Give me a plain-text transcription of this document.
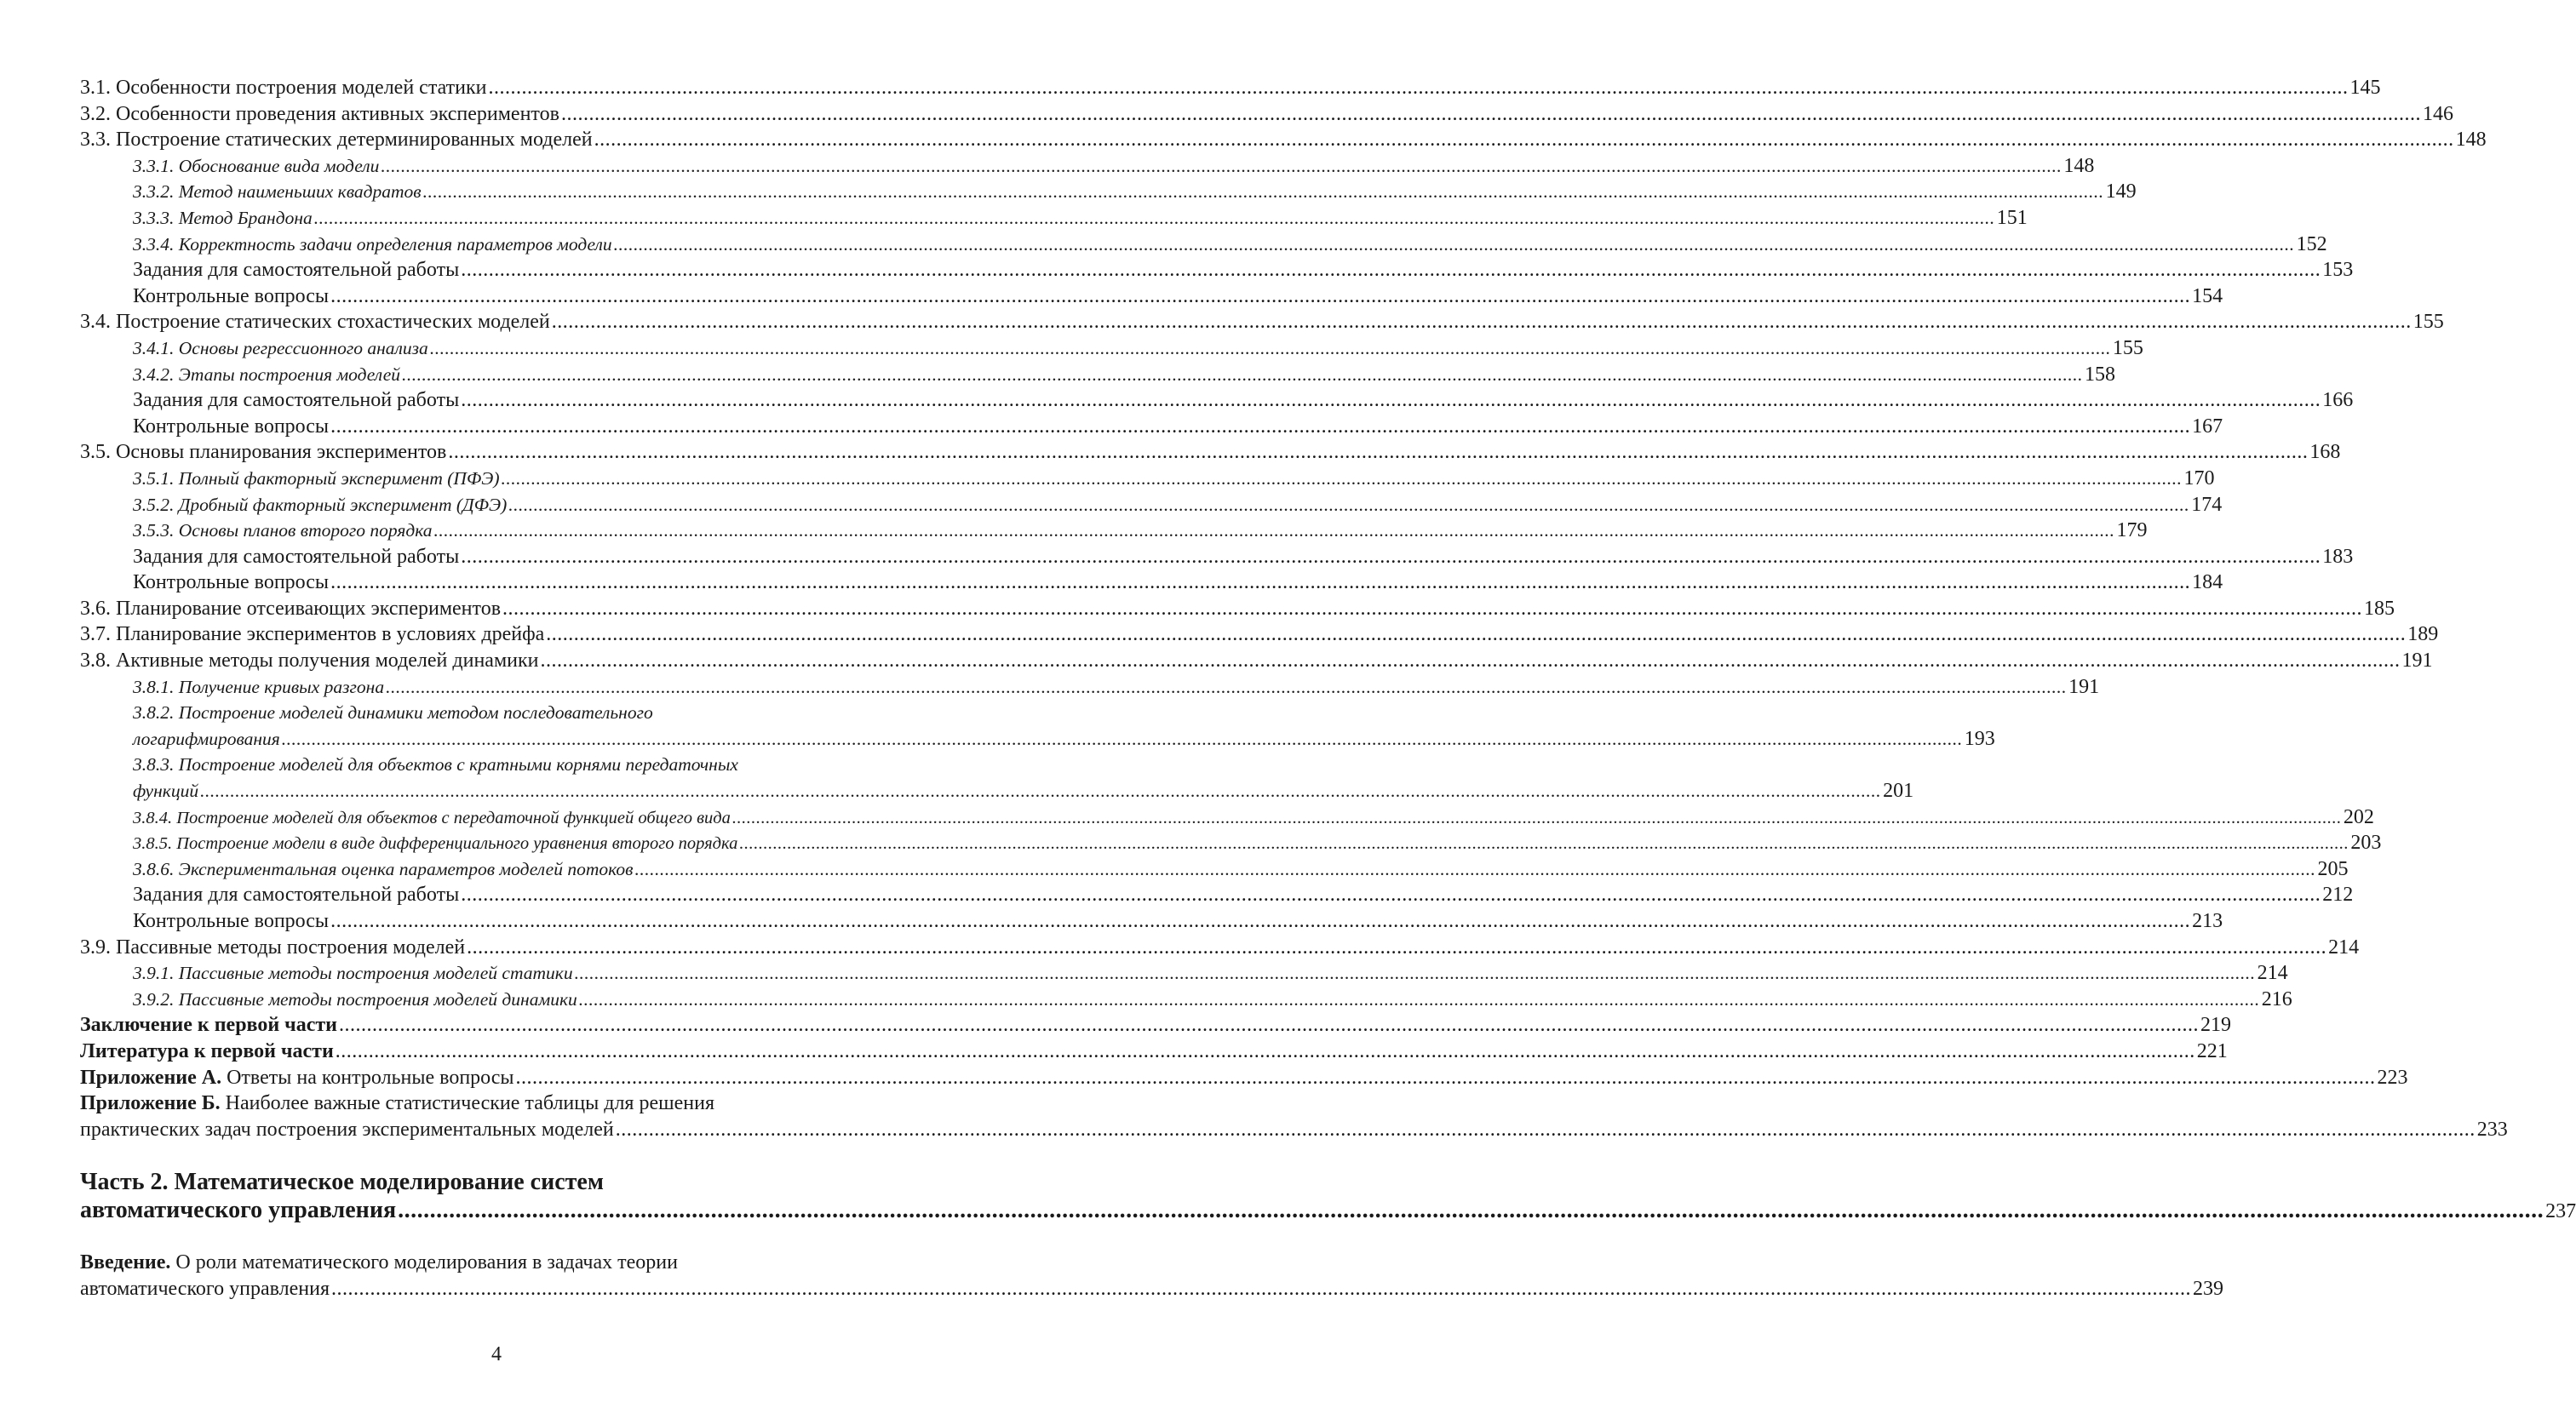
3.1. Особенности построения моделей статики .....	145
3.2. Особенности проведения активных экспериментов .....	146
3.3. Построение статических детерминированных моделей .....	148
3.3.1. Обоснование вида модели .....	148
3.3.2. Метод наименьших квадратов .....	149
3.3.3. Метод Брандона .....	151
3.3.4. Корректность задачи определения параметров модели .....	152
Задания для самостоятельной работы .....	153
Контрольные вопросы .....	154
3.4. Построение статических стохастических моделей .....	155
3.4.1. Основы регрессионного анализа .....	155
3.4.2. Этапы построения моделей .....	158
Задания для самостоятельной работы .....	166
Контрольные вопросы .....	167
3.5. Основы планирования экспериментов .....	168
3.5.1. Полный факторный эксперимент (ПФЭ) .....	170
3.5.2. Дробный факторный эксперимент (ДФЭ) .....	174
3.5.3. Основы планов второго порядка .....	179
Задания для самостоятельной работы .....	183
Контрольные вопросы .....	184
3.6. Планирование отсеивающих экспериментов .....	185
3.7. Планирование экспериментов в условиях дрейфа .....	189
3.8. Активные методы получения моделей динамики .....	191
3.8.1. Получение кривых разгона .....	191
3.8.2. Построение моделей динамики методом последовательного
логарифмирования .....	193
3.8.3. Построение моделей для объектов с кратными корнями передаточных
функций .....	201
3.8.4. Построение моделей для объектов с передаточной функцией общего вида .....	202
3.8.5. Построение модели в виде дифференциального уравнения второго порядка .....	203
3.8.6. Экспериментальная оценка параметров моделей потоков .....	205
Задания для самостоятельной работы .....	212
Контрольные вопросы .....	213
3.9. Пассивные методы построения моделей .....	214
3.9.1. Пассивные методы построения моделей статики .....	214
3.9.2. Пассивные методы построения моделей динамики .....	216
Заключение к первой части .....	219
Литература к первой части .....	221
Приложение А. Ответы на контрольные вопросы .....	223
Приложение Б. Наиболее важные статистические таблицы для решения
практических задач построения экспериментальных моделей .....	233
Часть 2. Математическое моделирование систем
автоматического управления .....	237
Введение. О роли математического моделирования в задачах теории
автоматического управления .....	239
4
